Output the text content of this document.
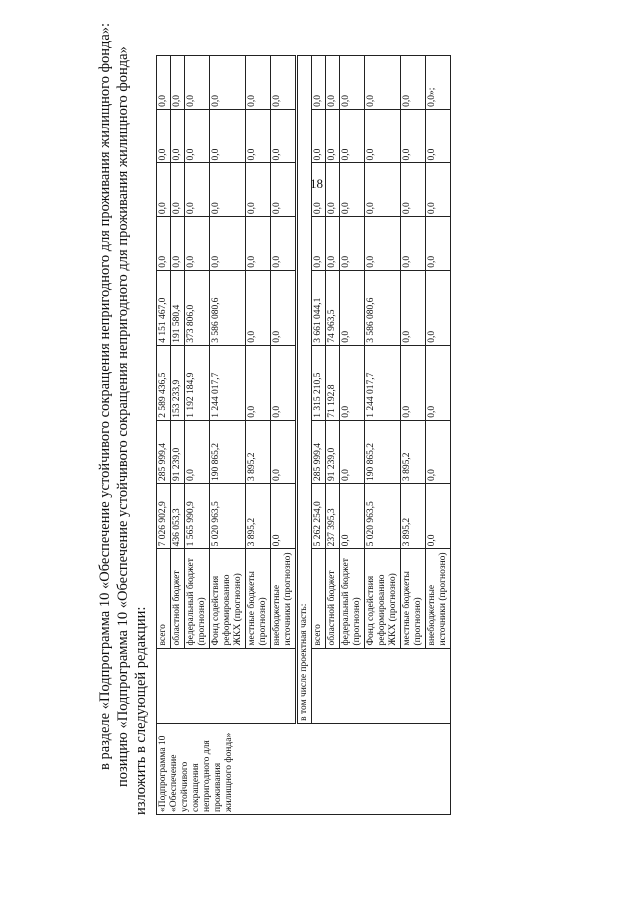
18

в разделе «Подпрограмма 10 «Обеспечение устойчивого сокращения непригодного для проживания жилищного фонда»: позицию «Подпрограмма 10 «Обеспечение устойчивого сокращения непригодного для проживания жилищного фонда» изложить в следующей редакции: «Подпрограмма 10 «Обеспечение устойчивого сокращения непригодного для проживания жилищного фонда»		всего	7 026 902,9	285 999,4	2 589 436,5	4 151 467,0	0,0	0,0	0,0	0,0
		областной бюджет	436 053,3	91 239,0	153 233,9	191 580,4	0,0	0,0	0,0	0,0
		федеральный бюджет (прогнозно)	1 565 990,9	0,0	1 192 184,9	373 806,0	0,0	0,0	0,0	0,0
		Фонд содействия реформированию ЖКХ (прогнозно)	5 020 963,5	190 865,2	1 244 017,7	3 586 080,6	0,0	0,0	0,0	0,0
		местные бюджеты (прогнозно)	3 895,2	3 895,2	0,0	0,0	0,0	0,0	0,0	0,0
		внебюджетные источники (прогнозно)	0,0	0,0	0,0	0,0	0,0	0,0	0,0	0,0
	в том числе проектная часть:									
		всего	5 262 254,0	285 999,4	1 315 210,5	3 661 044,1	0,0	0,0	0,0	0,0
		областной бюджет	237 395,3	91 239,0	71 192,8	74 963,5	0,0	0,0	0,0	0,0
		федеральный бюджет (прогнозно)	0,0	0,0	0,0	0,0	0,0	0,0	0,0	0,0
		Фонд содействия реформированию ЖКХ (прогнозно)	5 020 963,5	190 865,2	1 244 017,7	3 586 080,6	0,0	0,0	0,0	0,0
		местные бюджеты (прогнозно)	3 895,2	3 895,2	0,0	0,0	0,0	0,0	0,0	0,0
		внебюджетные источники (прогнозно)	0,0	0,0	0,0	0,0	0,0	0,0	0,0	0,0»;
